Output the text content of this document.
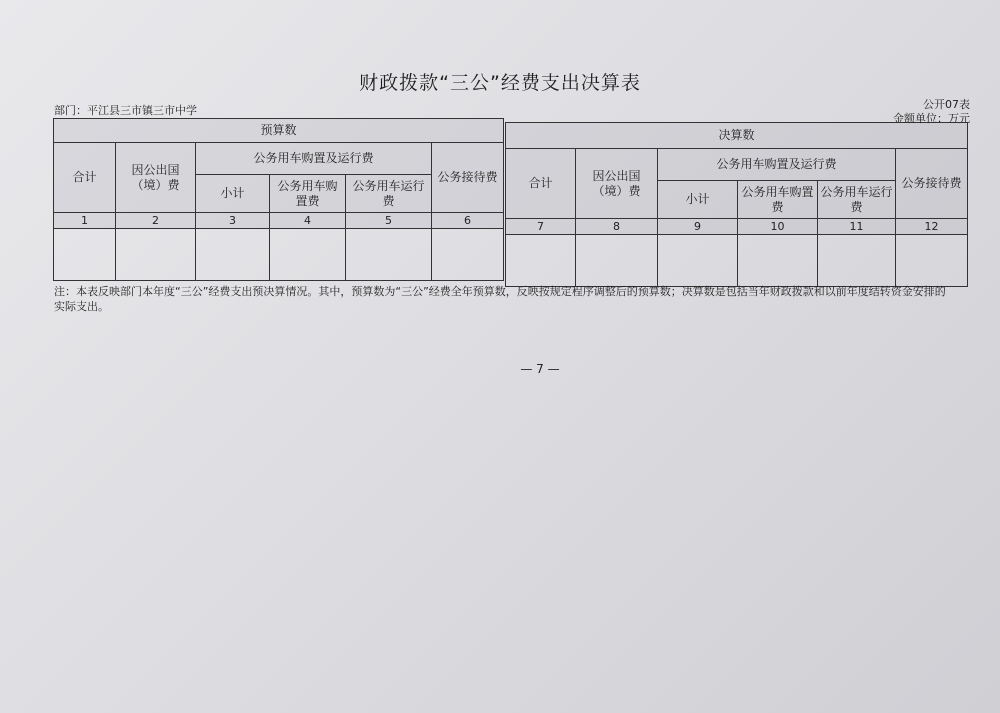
财政拨款“三公”经费支出决算表
部门：平江县三市镇三市中学	公开07表
金额单位：万元
预算数					
合计	因公出国（境）费	公务用车购置及运行费			公务接待费
		小计	公务用车购置费	公务用车运行费	
1	2	3	4	5	6

决算数					
合计	因公出国（境）费	公务用车购置及运行费			公务接待费
		小计	公务用车购置费	公务用车运行费	
7	8	9	10	11	12

注：本表反映部门本年度“三公”经费支出预决算情况。其中，预算数为“三公”经费全年预算数，反映按规定程序调整后的预算数；决算数是包括当年财政拨款和以前年度结转资金安排的实际支出。
— 7 —
